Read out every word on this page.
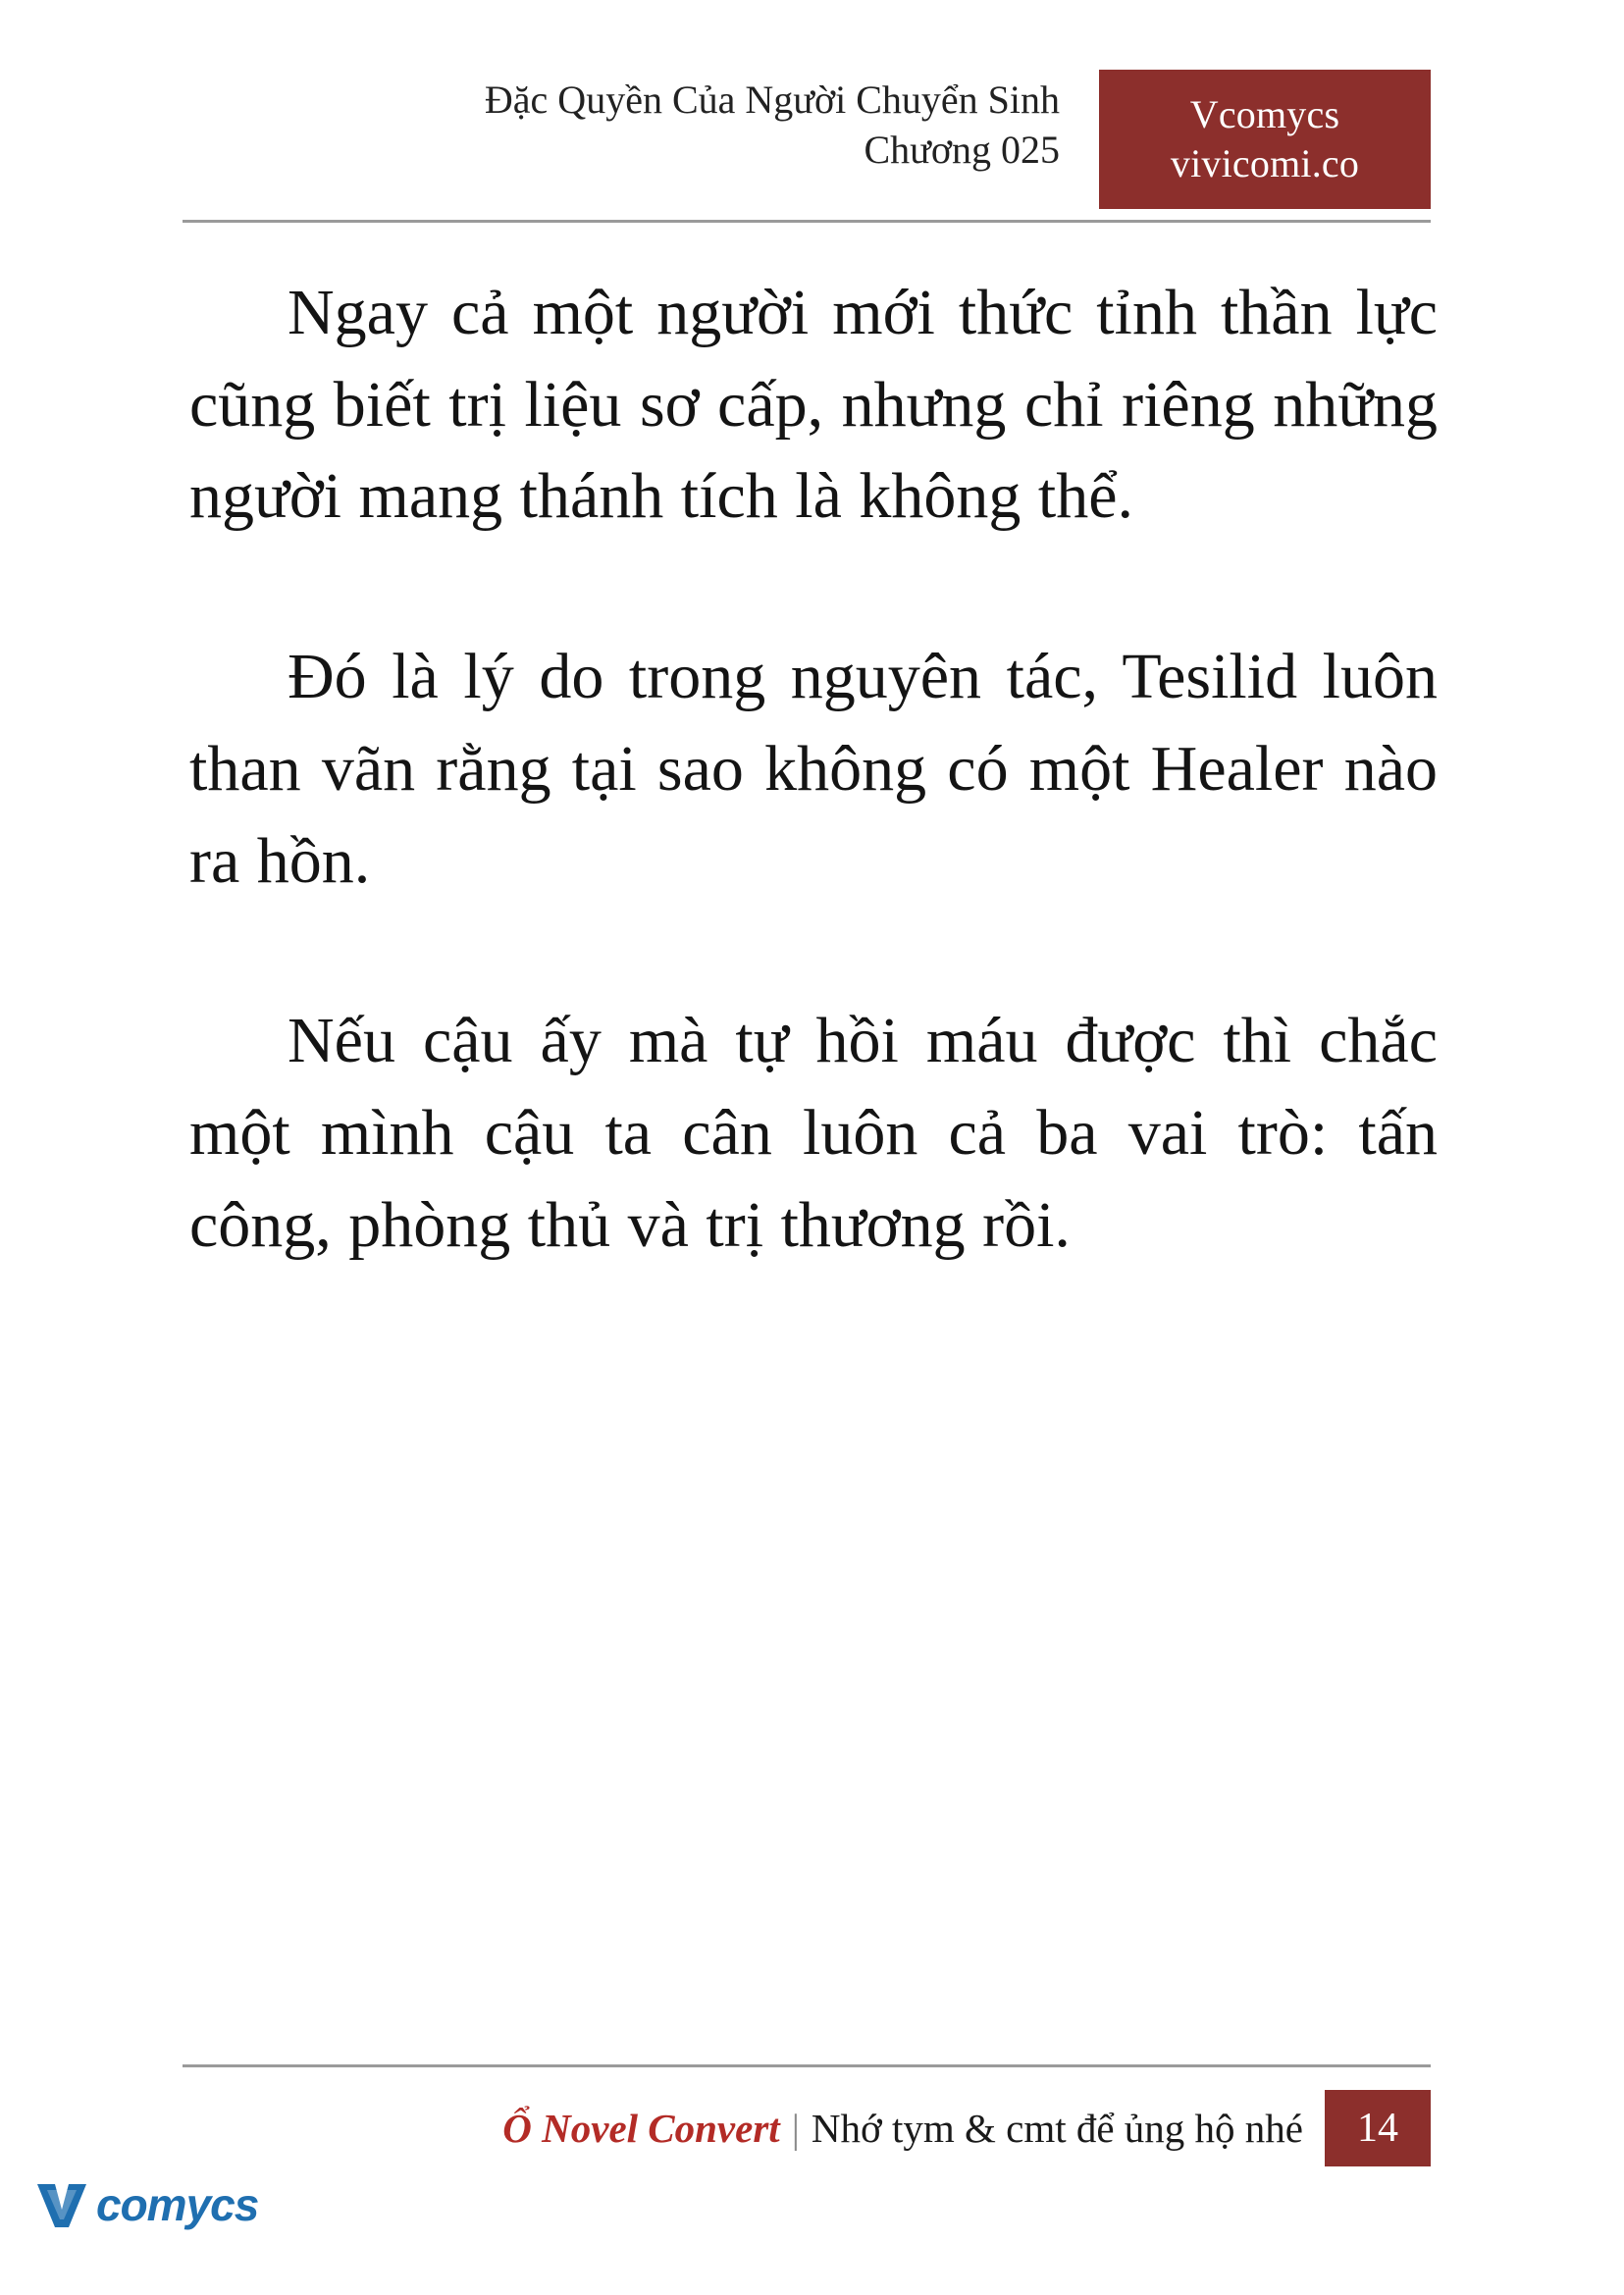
Đặc Quyền Của Người Chuyển Sinh
Chương 025
Vcomycs
vivicomi.co

Ngay cả một người mới thức tỉnh thần lực cũng biết trị liệu sơ cấp, nhưng chỉ riêng những người mang thánh tích là không thể.

Đó là lý do trong nguyên tác, Tesilid luôn than vãn rằng tại sao không có một Healer nào ra hồn.

Nếu cậu ấy mà tự hồi máu được thì chắc một mình cậu ta cân luôn cả ba vai trò: tấn công, phòng thủ và trị thương rồi.

Ổ Novel Convert | Nhớ tym & cmt để ủng hộ nhé	14
comycs
